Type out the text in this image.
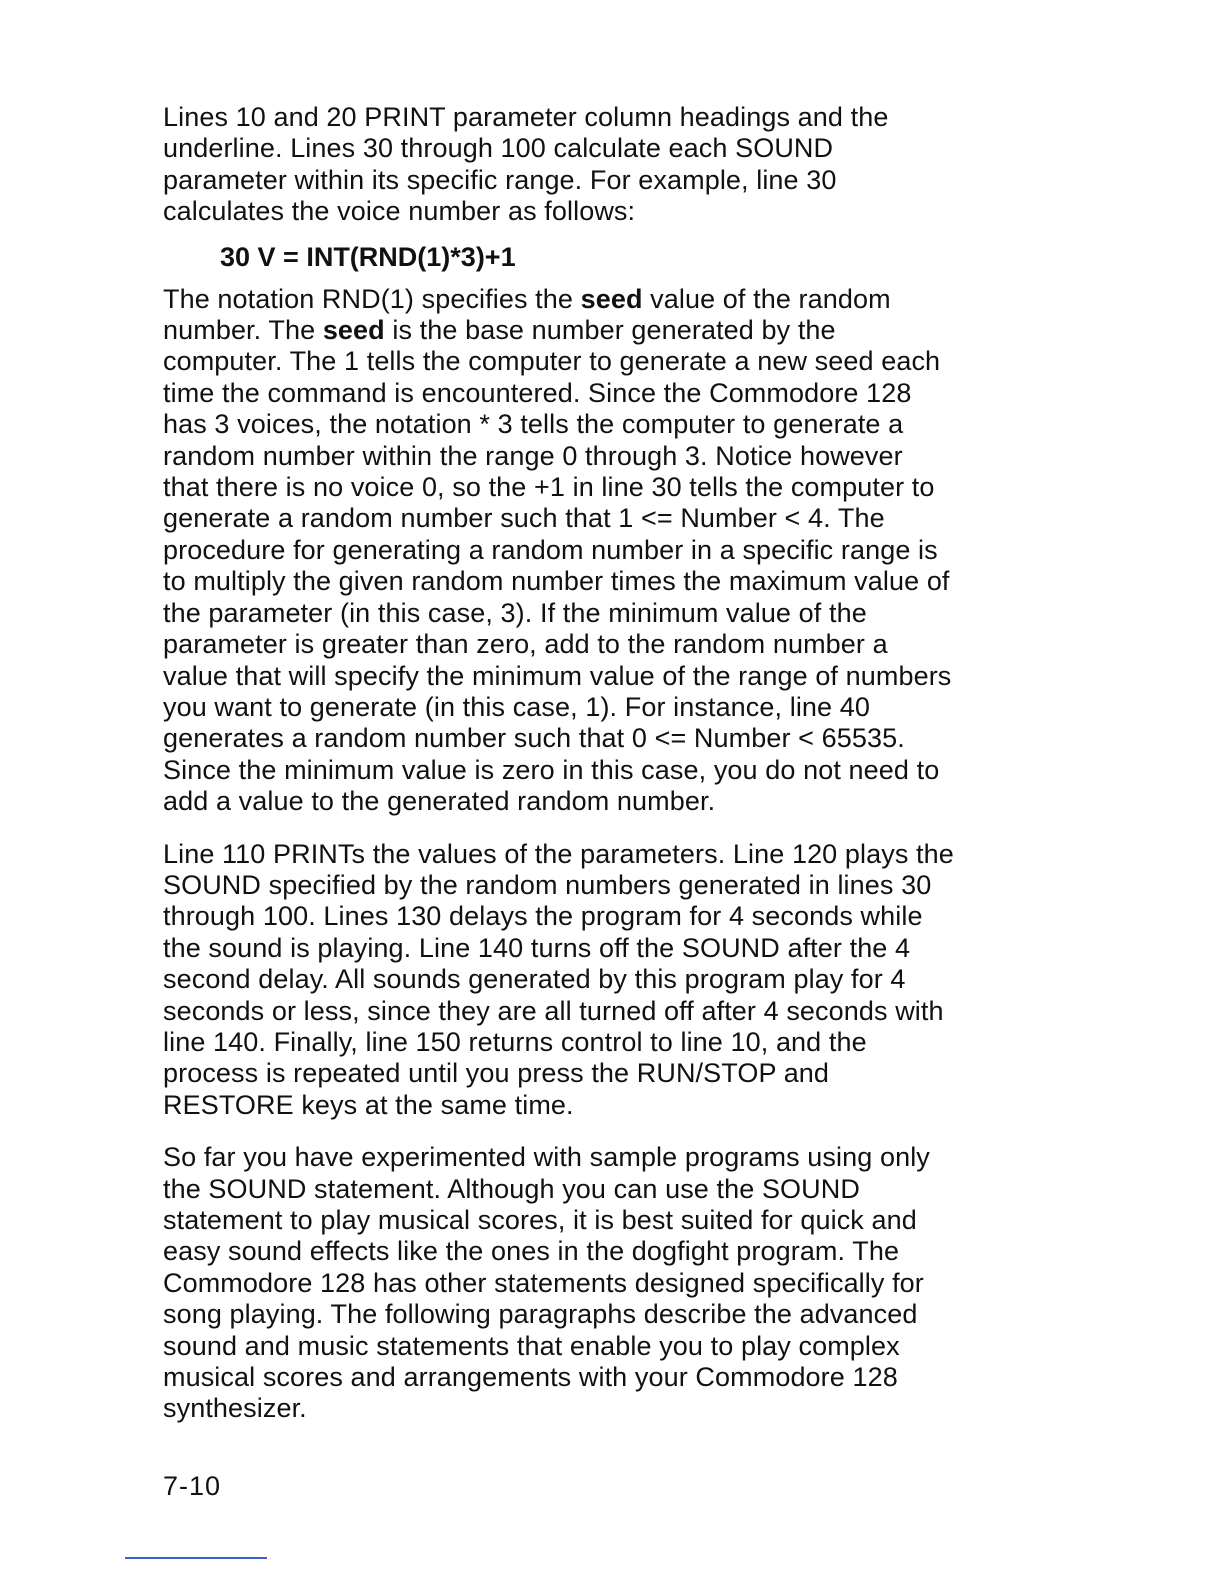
Lines 10 and 20 PRINT parameter column headings and the
underline. Lines 30 through 100 calculate each SOUND
parameter within its specific range. For example, line 30
calculates the voice number as follows:

30 V = INT(RND(1)*3)+1

The notation RND(1) specifies the seed value of the random
number. The seed is the base number generated by the
computer. The 1 tells the computer to generate a new seed each
time the command is encountered. Since the Commodore 128
has 3 voices, the notation * 3 tells the computer to generate a
random number within the range 0 through 3. Notice however
that there is no voice 0, so the +1 in line 30 tells the computer to
generate a random number such that 1 <= Number < 4. The
procedure for generating a random number in a specific range is
to multiply the given random number times the maximum value of
the parameter (in this case, 3). If the minimum value of the
parameter is greater than zero, add to the random number a
value that will specify the minimum value of the range of numbers
you want to generate (in this case, 1). For instance, line 40
generates a random number such that 0 <= Number < 65535.
Since the minimum value is zero in this case, you do not need to
add a value to the generated random number.

Line 110 PRINTs the values of the parameters. Line 120 plays the
SOUND specified by the random numbers generated in lines 30
through 100. Lines 130 delays the program for 4 seconds while
the sound is playing. Line 140 turns off the SOUND after the 4
second delay. All sounds generated by this program play for 4
seconds or less, since they are all turned off after 4 seconds with
line 140. Finally, line 150 returns control to line 10, and the
process is repeated until you press the RUN/STOP and
RESTORE keys at the same time.

So far you have experimented with sample programs using only
the SOUND statement. Although you can use the SOUND
statement to play musical scores, it is best suited for quick and
easy sound effects like the ones in the dogfight program. The
Commodore 128 has other statements designed specifically for
song playing. The following paragraphs describe the advanced
sound and music statements that enable you to play complex
musical scores and arrangements with your Commodore 128
synthesizer.

7-10
